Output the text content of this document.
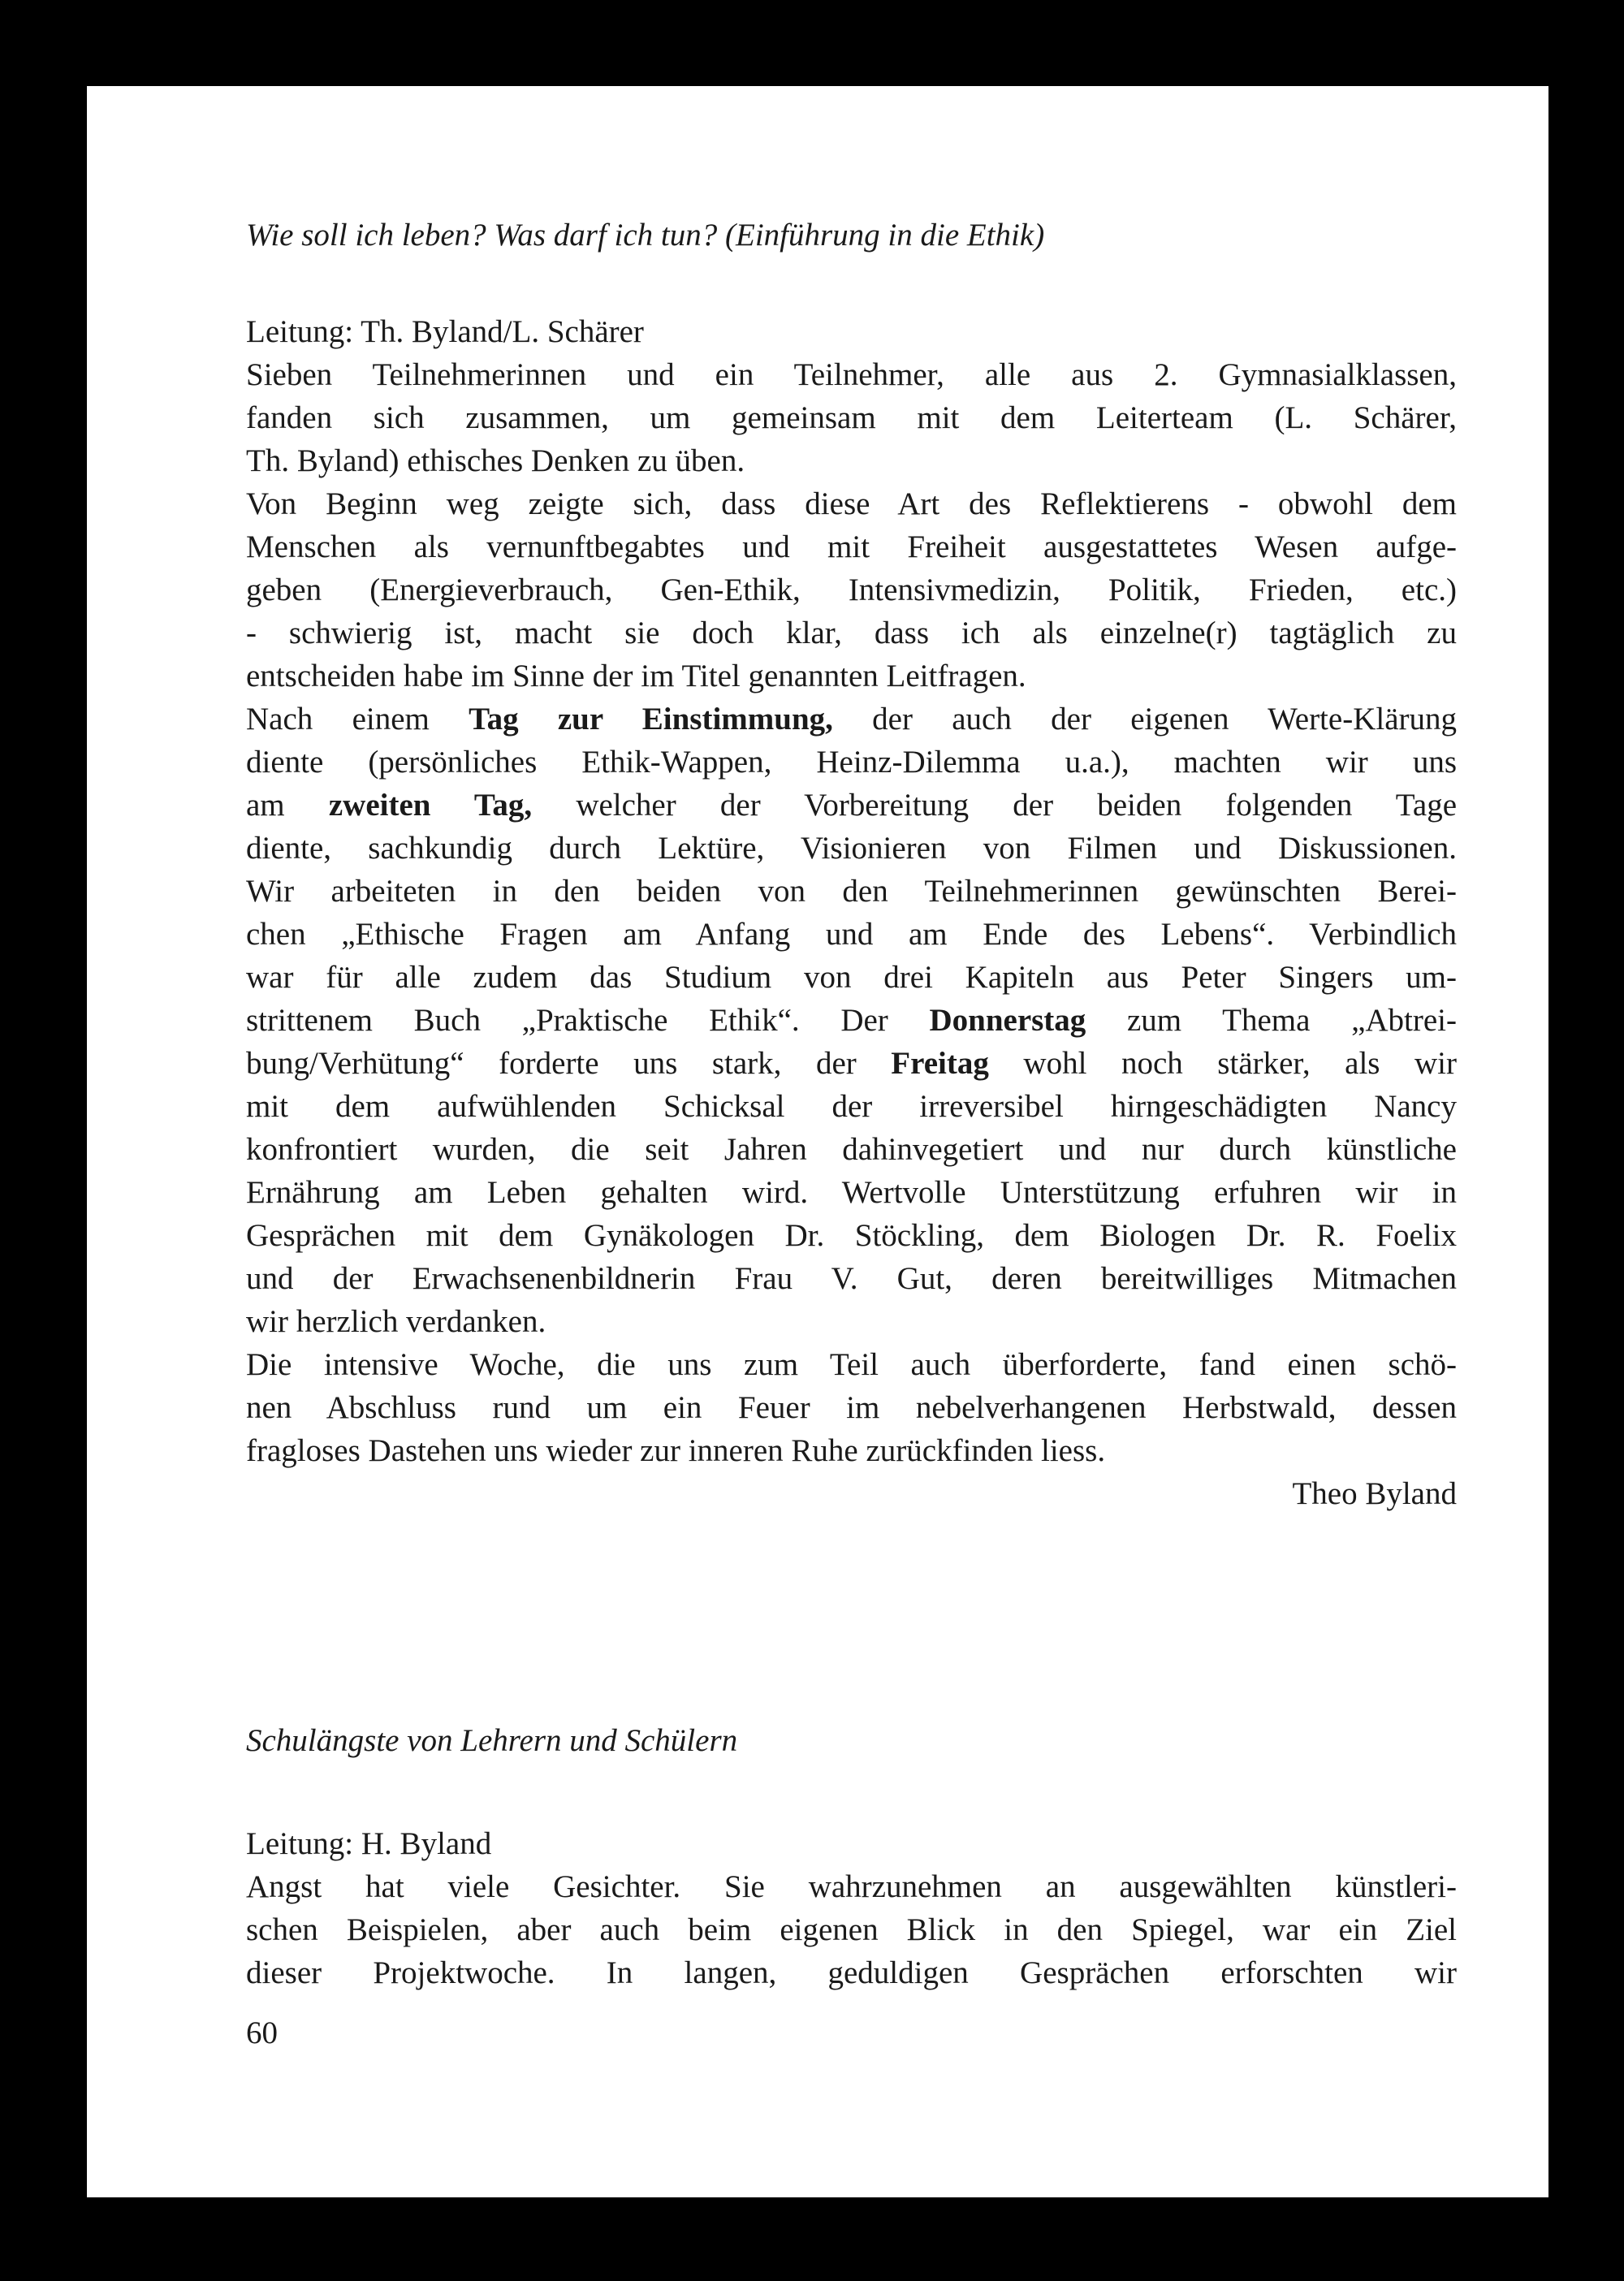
Wie soll ich leben? Was darf ich tun? (Einführung in die Ethik)
Leitung: Th. Byland/L. Schärer
Sieben Teilnehmerinnen und ein Teilnehmer, alle aus 2. Gymnasialklassen,
fanden sich zusammen, um gemeinsam mit dem Leiterteam (L. Schärer,
Th. Byland) ethisches Denken zu üben.
Von Beginn weg zeigte sich, dass diese Art des Reflektierens - obwohl dem
Menschen als vernunftbegabtes und mit Freiheit ausgestattetes Wesen aufge-
geben (Energieverbrauch, Gen-Ethik, Intensivmedizin, Politik, Frieden, etc.)
- schwierig ist, macht sie doch klar, dass ich als einzelne(r) tagtäglich zu
entscheiden habe im Sinne der im Titel genannten Leitfragen.
Nach einem Tag zur Einstimmung, der auch der eigenen Werte-Klärung
diente (persönliches Ethik-Wappen, Heinz-Dilemma u.a.), machten wir uns
am zweiten Tag, welcher der Vorbereitung der beiden folgenden Tage
diente, sachkundig durch Lektüre, Visionieren von Filmen und Diskussionen.
Wir arbeiteten in den beiden von den Teilnehmerinnen gewünschten Berei-
chen „Ethische Fragen am Anfang und am Ende des Lebens“. Verbindlich
war für alle zudem das Studium von drei Kapiteln aus Peter Singers um-
strittenem Buch „Praktische Ethik“. Der Donnerstag zum Thema „Abtrei-
bung/Verhütung“ forderte uns stark, der Freitag wohl noch stärker, als wir
mit dem aufwühlenden Schicksal der irreversibel hirngeschädigten Nancy
konfrontiert wurden, die seit Jahren dahinvegetiert und nur durch künstliche
Ernährung am Leben gehalten wird. Wertvolle Unterstützung erfuhren wir in
Gesprächen mit dem Gynäkologen Dr. Stöckling, dem Biologen Dr. R. Foelix
und der Erwachsenenbildnerin Frau V. Gut, deren bereitwilliges Mitmachen
wir herzlich verdanken.
Die intensive Woche, die uns zum Teil auch überforderte, fand einen schö-
nen Abschluss rund um ein Feuer im nebelverhangenen Herbstwald, dessen
fragloses Dastehen uns wieder zur inneren Ruhe zurückfinden liess.
Theo Byland
Schulängste von Lehrern und Schülern
Leitung: H. Byland
Angst hat viele Gesichter. Sie wahrzunehmen an ausgewählten künstleri-
schen Beispielen, aber auch beim eigenen Blick in den Spiegel, war ein Ziel
dieser Projektwoche. In langen, geduldigen Gesprächen erforschten wir
60
